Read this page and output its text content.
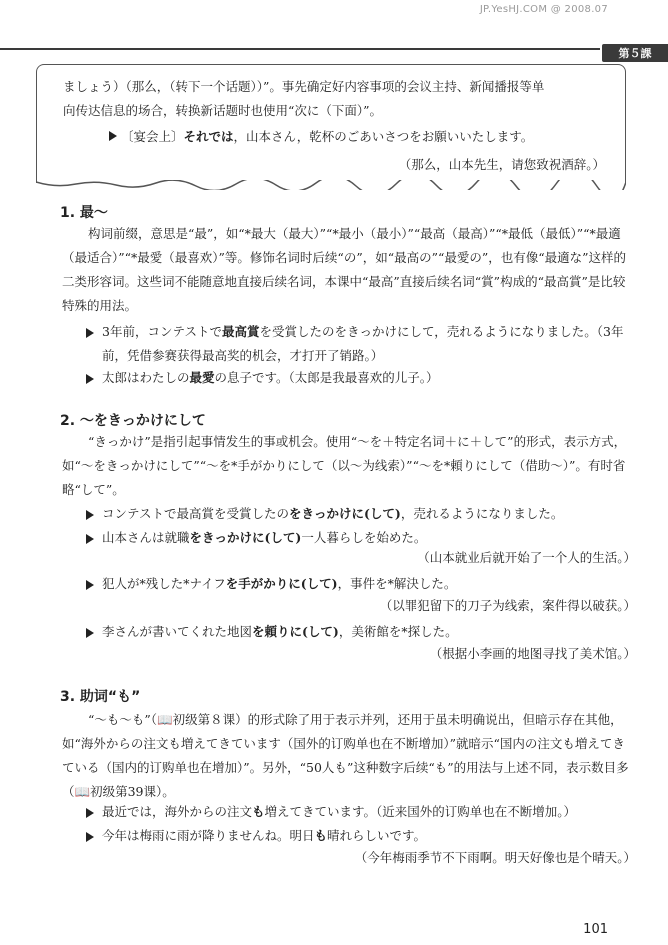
JP.YesHJ.COM @ 2008.07
第５課

ましょう）（那么，（转下一个话题））”。事先确定好内容事项的会议主持、新闻播报等单

向传达信息的场合，转换新话题时也使用“次に（下面）”。

〔宴会上〕それでは，山本さん，乾杯のごあいさつをお願いいたします。

（那么，山本先生，请您致祝酒辞。）

1. 最～

构词前缀，意思是“最”，如“*最大（最大）”“*最小（最小）”“最高（最高）”“*最低（最低）”“*最適（最适合）”“*最愛（最喜欢）”等。修饰名词时后续“の”，如“最高の”“最愛の”，也有像“最適な”这样的二类形容词。这些词不能随意地直接后续名词，本课中“最高”直接后续名词“賞”构成的“最高賞”是比较特殊的用法。

3年前，コンテストで最高賞を受賞したのをきっかけにして，売れるようになりました。（3年前，凭借参赛获得最高奖的机会，才打开了销路。）
太郎はわたしの最愛の息子です。（太郎是我最喜欢的儿子。）
2. ～をきっかけにして

“きっかけ”是指引起事情发生的事或机会。使用“～を＋特定名词＋に＋して”的形式，表示方式，如“～をきっかけにして”“～を*手がかりにして（以～为线索）”“～を*頼りにして（借助～）”。有时省略“して”。

コンテストで最高賞を受賞したのをきっかけに(して)，売れるようになりました。
山本さんは就職をきっかけに(して)一人暮らしを始めた。
（山本就业后就开始了一个人的生活。）
犯人が*残した*ナイフを手がかりに(して)，事件を*解決した。
（以罪犯留下的刀子为线索，案件得以破获。）
李さんが書いてくれた地図を頼りに(して)，美術館を*探した。
（根据小李画的地图寻找了美术馆。）
3. 助词“も”

“～も～も”（📖初级第８课）的形式除了用于表示并列，还用于虽未明确说出，但暗示存在其他，如“海外からの注文も増えてきています（国外的订购单也在不断增加）”就暗示“国内の注文も増えてきている（国内的订购单也在增加）”。另外，“50人も”这种数字后续“も”的用法与上述不同，表示数目多（📖初级第39课）。

最近では，海外からの注文も増えてきています。（近来国外的订购单也在不断增加。）
今年は梅雨に雨が降りませんね。明日も晴れらしいです。
（今年梅雨季节不下雨啊。明天好像也是个晴天。）
101
